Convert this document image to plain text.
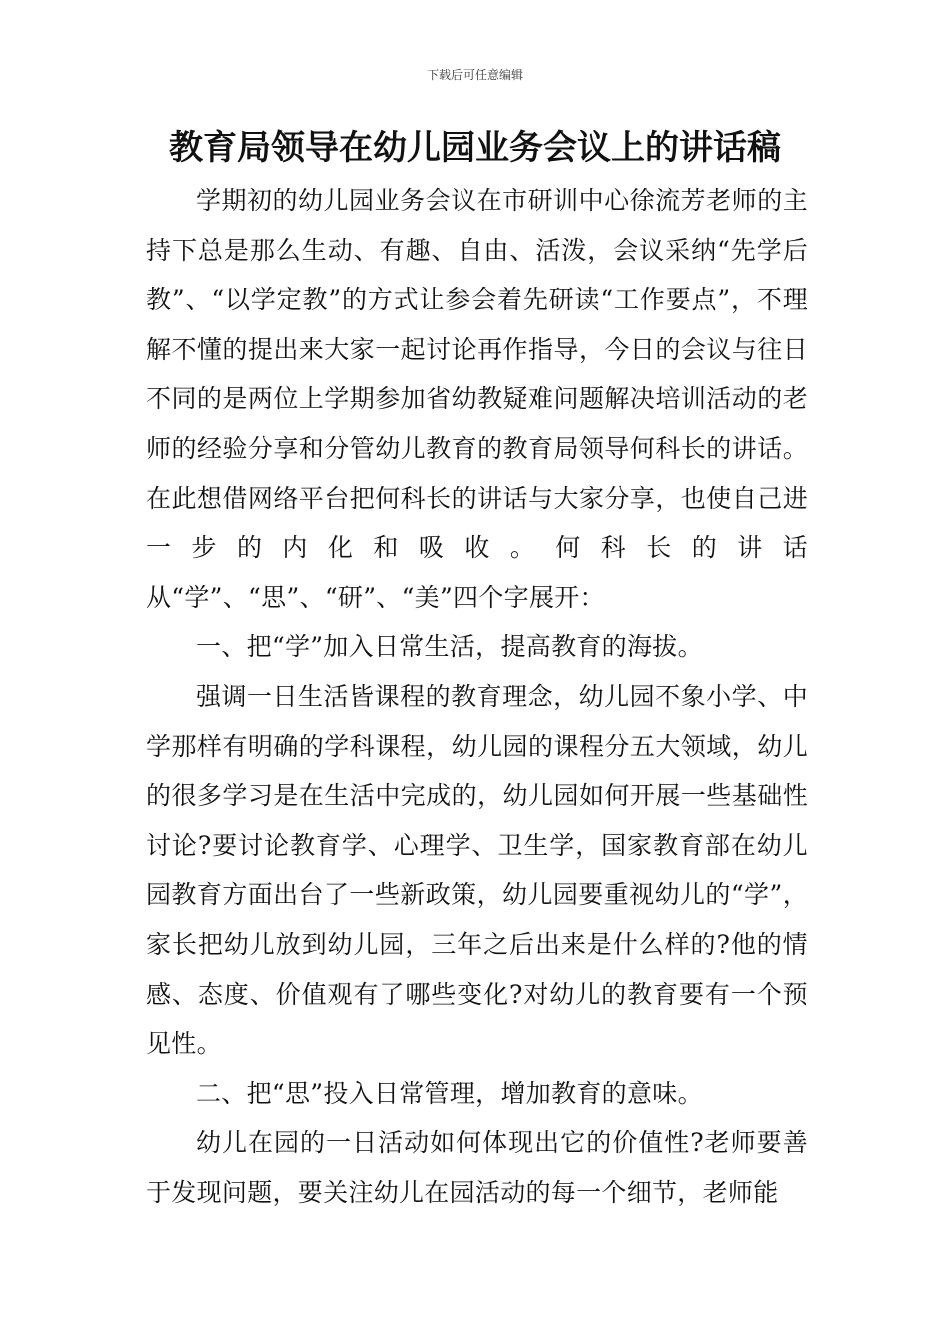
下载后可任意编辑
教育局领导在幼儿园业务会议上的讲话稿

学期初的幼儿园业务会议在市研训中心徐流芳老师的主持下总是那么生动、有趣、自由、活泼，会议采纳“先学后教”、“以学定教”的方式让参会着先研读“工作要点”，不理解不懂的提出来大家一起讨论再作指导，今日的会议与往日不同的是两位上学期参加省幼教疑难问题解决培训活动的老师的经验分享和分管幼儿教育的教育局领导何科长的讲话。在此想借网络平台把何科长的讲话与大家分享，也使自己进一步的内化和吸收。何科长的讲话从“学”、“思”、“研”、“美”四个字展开：

一、把“学”加入日常生活，提高教育的海拔。

强调一日生活皆课程的教育理念，幼儿园不象小学、中学那样有明确的学科课程，幼儿园的课程分五大领域，幼儿的很多学习是在生活中完成的，幼儿园如何开展一些基础性讨论?要讨论教育学、心理学、卫生学，国家教育部在幼儿园教育方面出台了一些新政策，幼儿园要重视幼儿的“学”，家长把幼儿放到幼儿园，三年之后出来是什么样的?他的情感、态度、价值观有了哪些变化?对幼儿的教育要有一个预见性。

二、把“思”投入日常管理，增加教育的意味。

幼儿在园的一日活动如何体现出它的价值性?老师要善于发现问题，要关注幼儿在园活动的每一个细节，老师能
